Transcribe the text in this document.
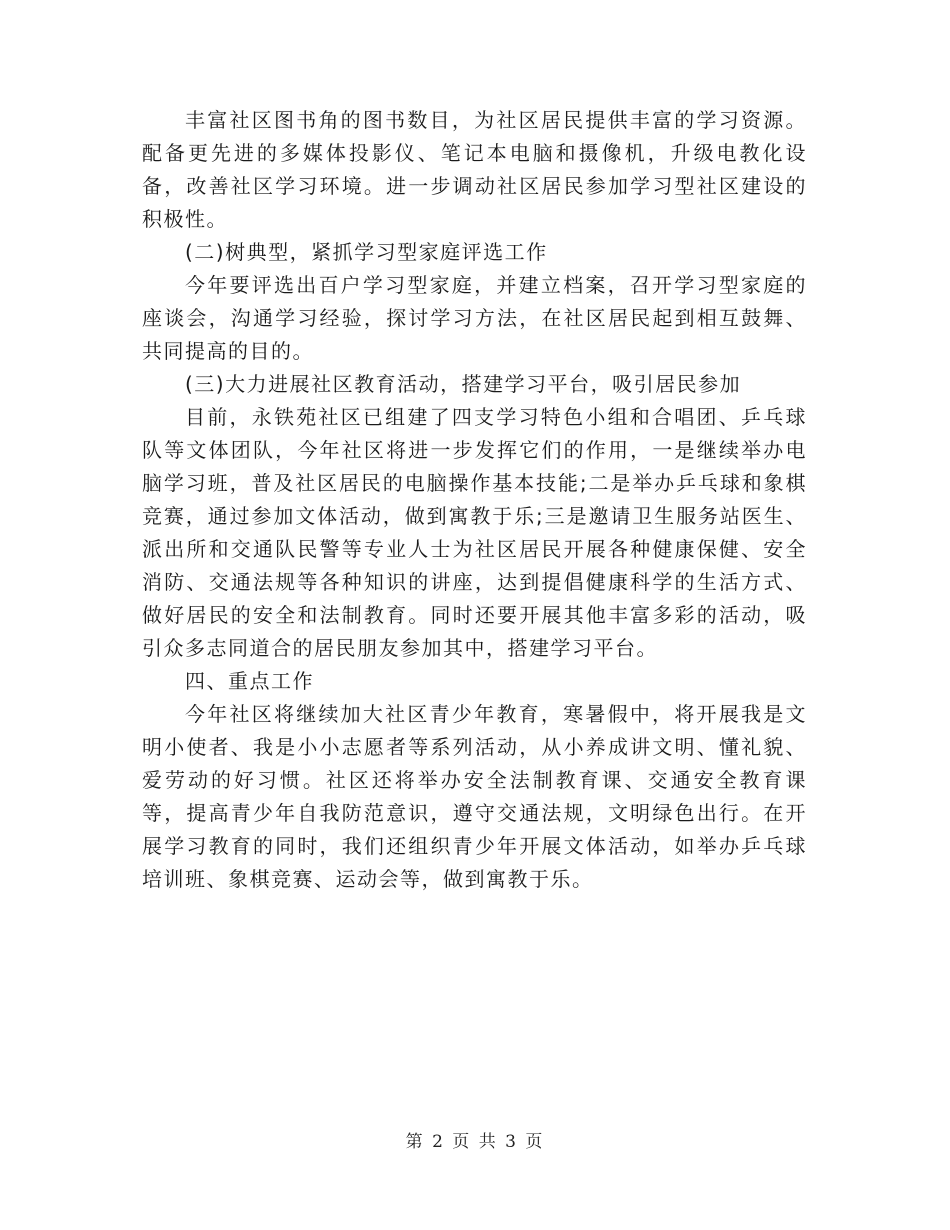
丰富社区图书角的图书数目，为社区居民提供丰富的学习资源。配备更先进的多媒体投影仪、笔记本电脑和摄像机，升级电教化设备，改善社区学习环境。进一步调动社区居民参加学习型社区建设的积极性。

(二)树典型，紧抓学习型家庭评选工作

今年要评选出百户学习型家庭，并建立档案，召开学习型家庭的座谈会，沟通学习经验，探讨学习方法，在社区居民起到相互鼓舞、共同提高的目的。

(三)大力进展社区教育活动，搭建学习平台，吸引居民参加

目前，永铁苑社区已组建了四支学习特色小组和合唱团、乒乓球队等文体团队，今年社区将进一步发挥它们的作用，一是继续举办电脑学习班，普及社区居民的电脑操作基本技能;二是举办乒乓球和象棋竞赛，通过参加文体活动，做到寓教于乐;三是邀请卫生服务站医生、派出所和交通队民警等专业人士为社区居民开展各种健康保健、安全消防、交通法规等各种知识的讲座，达到提倡健康科学的生活方式、做好居民的安全和法制教育。同时还要开展其他丰富多彩的活动，吸引众多志同道合的居民朋友参加其中，搭建学习平台。

四、重点工作

今年社区将继续加大社区青少年教育，寒暑假中，将开展我是文明小使者、我是小小志愿者等系列活动，从小养成讲文明、懂礼貌、爱劳动的好习惯。社区还将举办安全法制教育课、交通安全教育课等，提高青少年自我防范意识，遵守交通法规，文明绿色出行。在开展学习教育的同时，我们还组织青少年开展文体活动，如举办乒乓球培训班、象棋竞赛、运动会等，做到寓教于乐。

第 2 页 共 3 页
